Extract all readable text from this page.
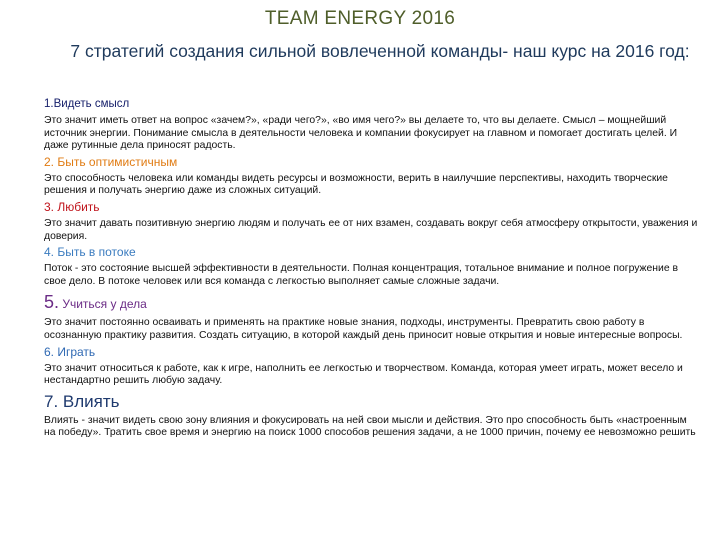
TEAM ENERGY 2016
7 стратегий создания сильной вовлеченной команды- наш курс на 2016 год:
1.Видеть смысл
Это значит иметь ответ на вопрос «зачем?», «ради чего?», «во имя чего?» вы делаете то, что вы делаете. Смысл – мощнейший источник энергии. Понимание смысла в деятельности человека и компании фокусирует на главном и помогает достигать целей. И даже рутинные дела приносят радость.
2. Быть оптимистичным
Это способность человека или команды видеть ресурсы и возможности, верить в наилучшие перспективы, находить творческие решения и получать энергию даже из сложных ситуаций.
3. Любить
Это значит давать позитивную энергию людям и получать ее от них взамен, создавать вокруг себя атмосферу открытости, уважения и доверия.
4. Быть в потоке
Поток - это состояние высшей эффективности в деятельности. Полная концентрация, тотальное внимание и полное погружение в свое дело. В потоке человек или вся команда с легкостью выполняет самые сложные задачи.
5. Учиться у дела
Это значит постоянно осваивать и применять на практике новые знания, подходы, инструменты. Превратить свою работу в осознанную практику развития. Создать ситуацию, в которой каждый день приносит новые открытия и новые интересные вопросы.
6. Играть
Это значит относиться к работе, как к игре, наполнить ее легкостью и творчеством. Команда, которая умеет играть, может весело и нестандартно решить любую задачу.
7. Влиять
Влиять - значит видеть свою зону влияния и фокусировать на ней свои мысли и действия. Это про способность быть «настроенным на победу». Тратить свое время и энергию на поиск 1000 способов решения задачи, а не 1000 причин, почему ее невозможно решить
